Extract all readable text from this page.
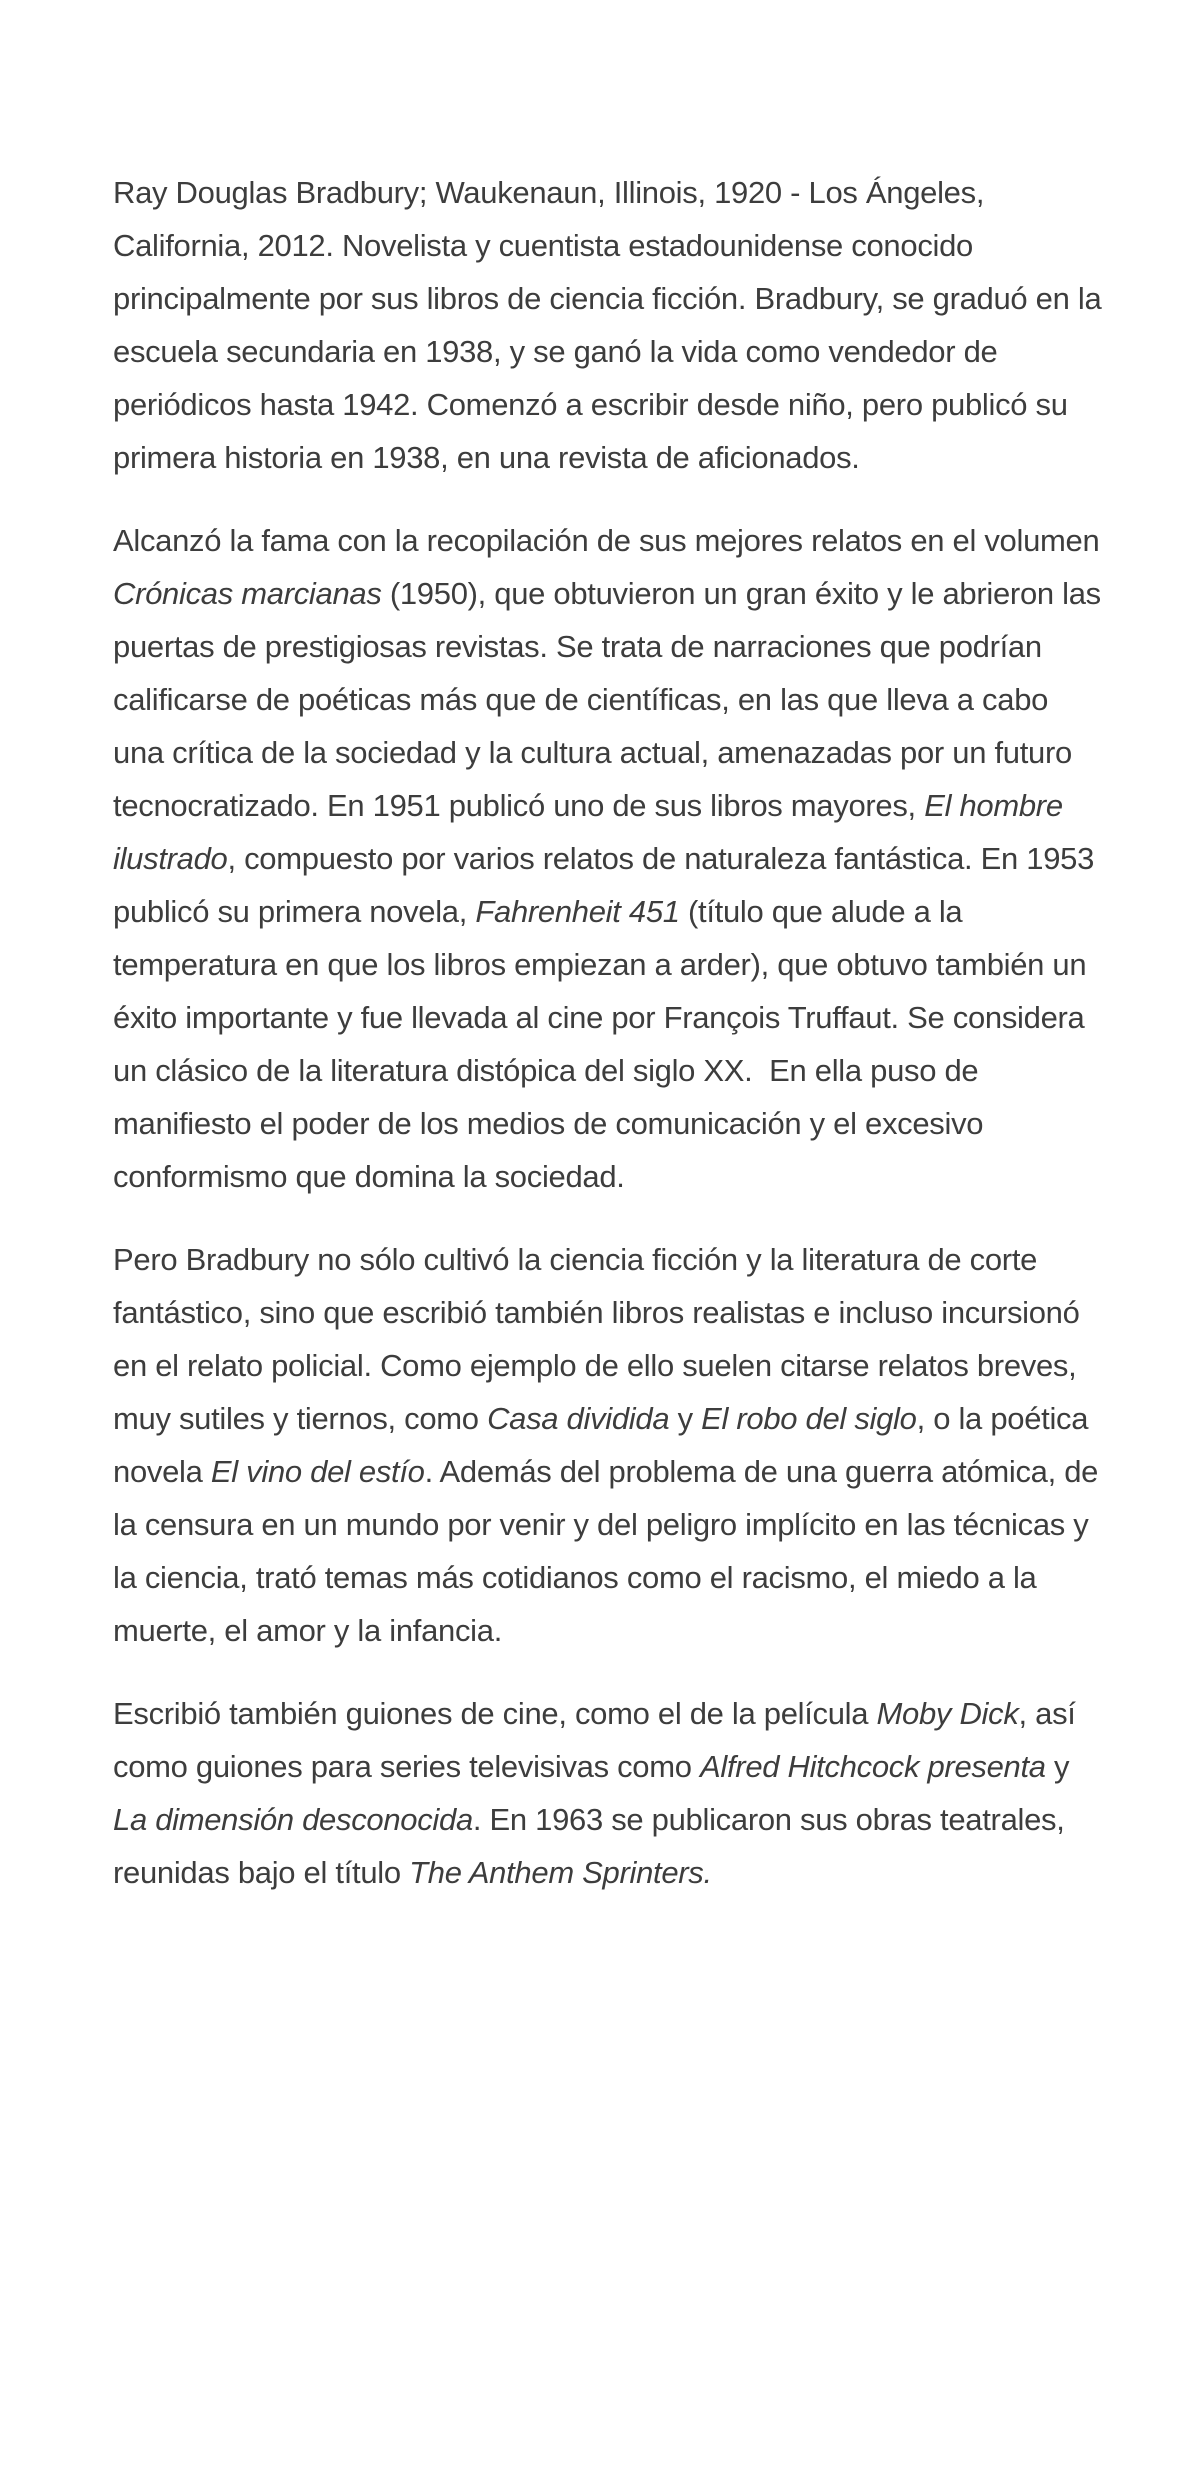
Ray Douglas Bradbury; Waukenaun, Illinois, 1920 - Los Ángeles, California, 2012. Novelista y cuentista estadounidense conocido principalmente por sus libros de ciencia ficción. Bradbury, se graduó en la escuela secundaria en 1938, y se ganó la vida como vendedor de periódicos hasta 1942. Comenzó a escribir desde niño, pero publicó su primera historia en 1938, en una revista de aficionados.

Alcanzó la fama con la recopilación de sus mejores relatos en el volumen Crónicas marcianas (1950), que obtuvieron un gran éxito y le abrieron las puertas de prestigiosas revistas. Se trata de narraciones que podrían calificarse de poéticas más que de científicas, en las que lleva a cabo una crítica de la sociedad y la cultura actual, amenazadas por un futuro tecnocratizado. En 1951 publicó uno de sus libros mayores, El hombre ilustrado, compuesto por varios relatos de naturaleza fantástica. En 1953 publicó su primera novela, Fahrenheit 451 (título que alude a la temperatura en que los libros empiezan a arder), que obtuvo también un éxito importante y fue llevada al cine por François Truffaut. Se considera un clásico de la literatura distópica del siglo XX.  En ella puso de manifiesto el poder de los medios de comunicación y el excesivo conformismo que domina la sociedad.

Pero Bradbury no sólo cultivó la ciencia ficción y la literatura de corte fantástico, sino que escribió también libros realistas e incluso incursionó en el relato policial. Como ejemplo de ello suelen citarse relatos breves, muy sutiles y tiernos, como Casa dividida y El robo del siglo, o la poética novela El vino del estío. Además del problema de una guerra atómica, de la censura en un mundo por venir y del peligro implícito en las técnicas y la ciencia, trató temas más cotidianos como el racismo, el miedo a la muerte, el amor y la infancia.

Escribió también guiones de cine, como el de la película Moby Dick, así como guiones para series televisivas como Alfred Hitchcock presenta y La dimensión desconocida. En 1963 se publicaron sus obras teatrales, reunidas bajo el título The Anthem Sprinters.
